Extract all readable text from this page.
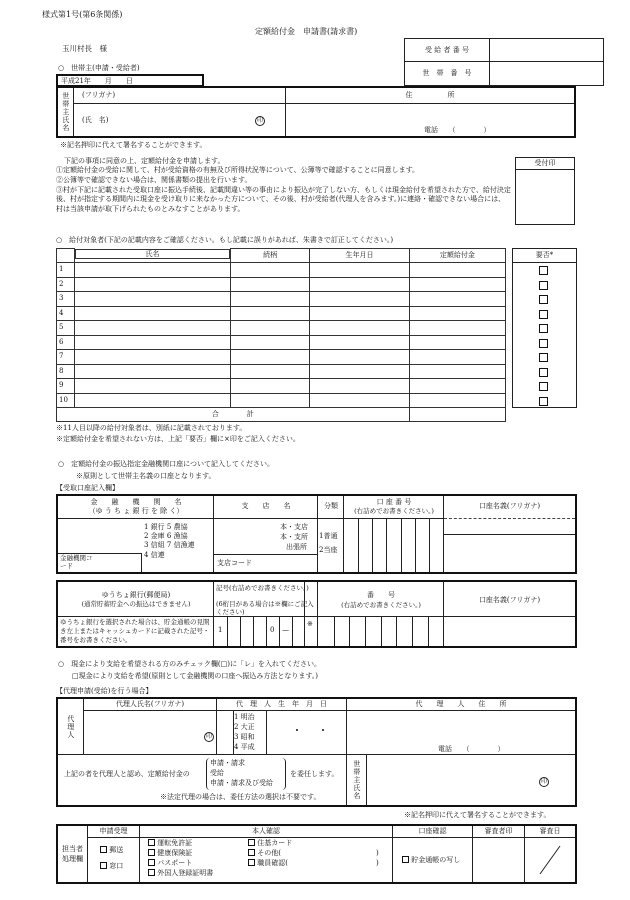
様式第1号(第6条関係)
定額給付金　申請書(請求書)
玉川村長　様	受 給 者 番 号
世　帯　番　号
○　世帯主(申請・受給者)
平成21年　　月　　日
世帯主氏名	(フリガナ)
(氏　名)	印
住　　　　　所
電話　　（　　　　）
※記名押印に代えて署名することができます。
下記の事項に同意の上、定額給付金を申請します。
①定額給付金の受給に関して、村が受給資格の有無及び所得状況等について、公簿等で確認することに同意します。
②公簿等で確認できない場合は、関係書類の提出を行います。
③村が下記に記載された受取口座に振込手続後、記載間違い等の事由により振込が完了しない方、もしくは現金給付を希望された方で、給付決定後、村が指定する期間内に現金を受け取りに来なかった方について、その後、村が受給者(代理人を含みます。)に連絡・確認できない場合には、村は当該申請が取下げられたものとみなすことがあります。
受付印
○　給付対象者(下記の記載内容をご確認ください。もし記載に誤りがあれば、朱書きで訂正してください。)

氏名	続柄	生年月日	定額給付金
1				
2				
3				
4				
5				
6				
7				
8				
9				
10				
合　　　　計				
要否*
※11人目以降の給付対象者は、別紙に記載されております。
※定額給付金を希望されない方は、上記「要否」欄に×印をご記入ください。
○　定額給付金の振込指定金融機関口座について記入してください。
※原則として世帯主名義の口座となります。
【受取口座記入欄】
金　　融　　機　　関　　名
（ゆ う ち ょ 銀 行 を 除 く）
1 銀行 5 農協
2 金庫 6 漁協
3 信組 7 信漁連
4 信連
金融機関コード
支　　店　　名
本・支店
本・支所
出張所
支店コード
分類
1普通
2当座
口 座 番 号
(右詰めでお書きください。)
口座名義(フリガナ)
ゆうちょ銀行(郵便局)
(通常貯蓄貯金への振込はできません)
ゆうちょ銀行を選択された場合は、貯金通帳の見開き左上またはキャッシュカードに記載された記号・番号をお書きください。
記号(右詰めでお書きください。)
(6桁目がある場合は※欄にご記入ください)
1	0 —
※
番　　号
(右詰めでお書きください。)
口座名義(フリガナ)
○　現金により支給を希望される方のみチェック欄(□)に「レ」を入れてください。
□現金により支給を希望(原則として金融機関の口座へ振込み方法となります。)
【代理申請(受給)を行う場合】
代理人
代理人氏名(フリガナ)
印
代　理　人　生　年　月　日
1 明治
2 大正
3 昭和
4 平成
代　　理　　人　　住　　所
電話　　（　　　　）
上記の者を代理人と認め、定額給付金の
申請・請求
受給
申請・請求及び受給
を委任します。
※法定代理の場合は、委任方法の選択は不要です。	世帯主氏名	印
※記名押印に代えて署名することができます。
担当者処理欄
申請受理
郵送
窓口
本人確認
運転免許証
健康保険証
パスポート
外国人登録証明書
住基カード
その他(	)
職員確認(	)
口座確認
貯金通帳の写し
審査者印	審査日
